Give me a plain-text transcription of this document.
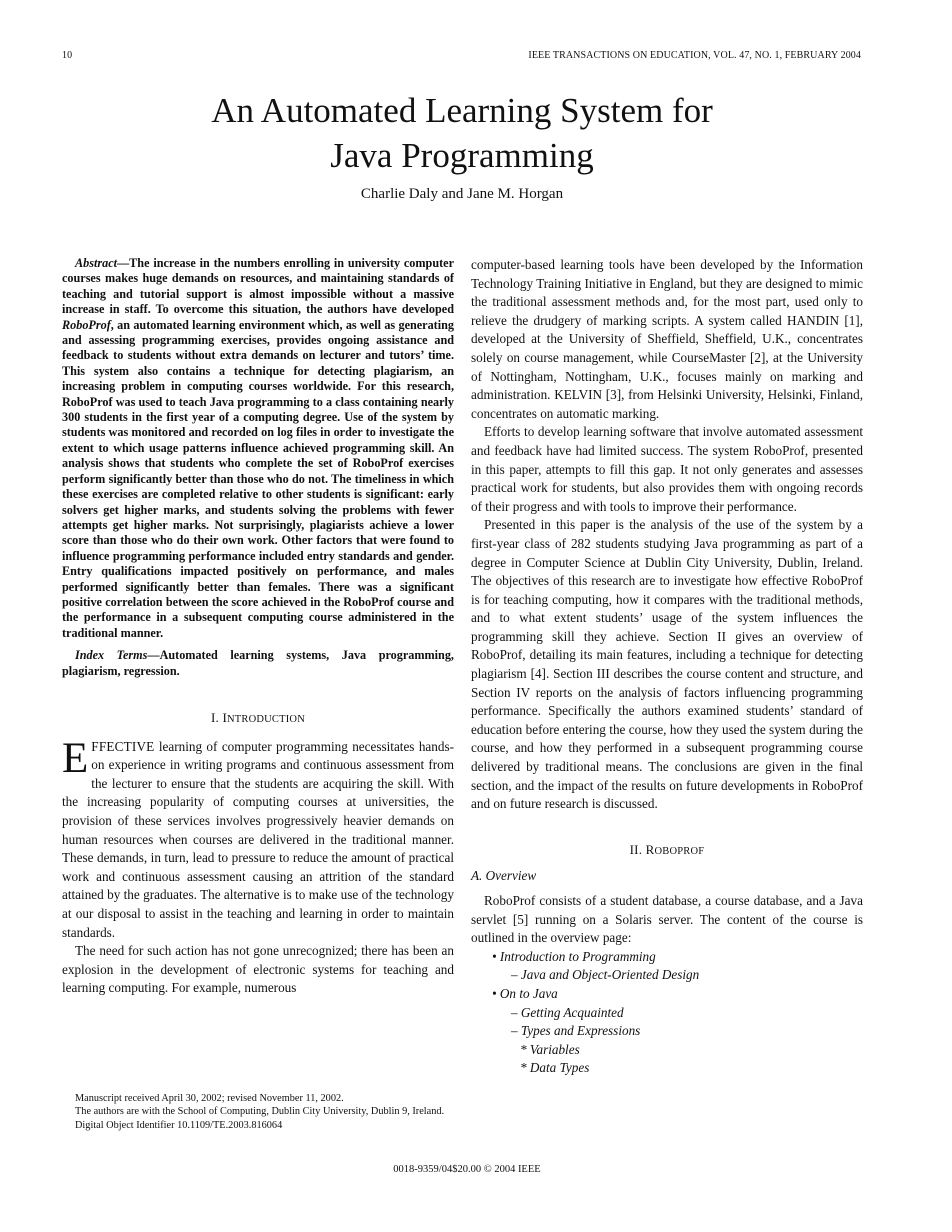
10	IEEE TRANSACTIONS ON EDUCATION, VOL. 47, NO. 1, FEBRUARY 2004
An Automated Learning System for
Java Programming
Charlie Daly and Jane M. Horgan

Abstract—The increase in the numbers enrolling in university computer courses makes huge demands on resources, and maintaining standards of teaching and tutorial support is almost impossible without a massive increase in staff. To overcome this situation, the authors have developed RoboProf, an automated learning environment which, as well as generating and assessing programming exercises, provides ongoing assistance and feedback to students without extra demands on lecturer and tutors’ time. This system also contains a technique for detecting plagiarism, an increasing problem in computing courses worldwide. For this research, RoboProf was used to teach Java programming to a class containing nearly 300 students in the first year of a computing degree. Use of the system by students was monitored and recorded on log files in order to investigate the extent to which usage patterns influence achieved programming skill. An analysis shows that students who complete the set of RoboProf exercises perform significantly better than those who do not. The timeliness in which these exercises are completed relative to other students is significant: early solvers get higher marks, and students solving the problems with fewer attempts get higher marks. Not surprisingly, plagiarists achieve a lower score than those who do their own work. Other factors that were found to influence programming performance included entry standards and gender. Entry qualifications impacted positively on performance, and males performed significantly better than females. There was a significant positive correlation between the score achieved in the RoboProf course and the performance in a subsequent computing course administered in the traditional manner.

Index Terms—Automated learning systems, Java programming, plagiarism, regression.

I. INTRODUCTION

EFFECTIVE learning of computer programming necessitates hands-on experience in writing programs and continuous assessment from the lecturer to ensure that the students are acquiring the skill. With the increasing popularity of computing courses at universities, the provision of these services involves progressively heavier demands on human resources when courses are delivered in the traditional manner. These demands, in turn, lead to pressure to reduce the amount of practical work and continuous assessment causing an attrition of the standard attained by the graduates. The alternative is to make use of the technology at our disposal to assist in the teaching and learning in order to maintain standards.

The need for such action has not gone unrecognized; there has been an explosion in the development of electronic systems for teaching and learning computing. For example, numerous

Manuscript received April 30, 2002; revised November 11, 2002.

The authors are with the School of Computing, Dublin City University, Dublin 9, Ireland.

Digital Object Identifier 10.1109/TE.2003.816064

computer-based learning tools have been developed by the Information Technology Training Initiative in England, but they are designed to mimic the traditional assessment methods and, for the most part, used only to relieve the drudgery of marking scripts. A system called HANDIN [1], developed at the University of Sheffield, Sheffield, U.K., concentrates solely on course management, while CourseMaster [2], at the University of Nottingham, Nottingham, U.K., focuses mainly on marking and administration. KELVIN [3], from Helsinki University, Helsinki, Finland, concentrates on automatic marking.

Efforts to develop learning software that involve automated assessment and feedback have had limited success. The system RoboProf, presented in this paper, attempts to fill this gap. It not only generates and assesses practical work for students, but also provides them with ongoing records of their progress and with tools to improve their performance.

Presented in this paper is the analysis of the use of the system by a first-year class of 282 students studying Java programming as part of a degree in Computer Science at Dublin City University, Dublin, Ireland. The objectives of this research are to investigate how effective RoboProf is for teaching computing, how it compares with the traditional methods, and to what extent students’ usage of the system influences the programming skill they achieve. Section II gives an overview of RoboProf, detailing its main features, including a technique for detecting plagiarism [4]. Section III describes the course content and structure, and Section IV reports on the analysis of factors influencing programming performance. Specifically the authors examined students’ standard of education before entering the course, how they used the system during the course, and how they performed in a subsequent programming course delivered by traditional means. The conclusions are given in the final section, and the impact of the results on future developments in RoboProf and on future research is discussed.

II. ROBOPROF

A. Overview

RoboProf consists of a student database, a course database, and a Java servlet [5] running on a Solaris server. The content of the course is outlined in the overview page:

• Introduction to Programming
– Java and Object-Oriented Design
• On to Java
– Getting Acquainted
– Types and Expressions
* Variables
* Data Types
0018-9359/04$20.00 © 2004 IEEE
